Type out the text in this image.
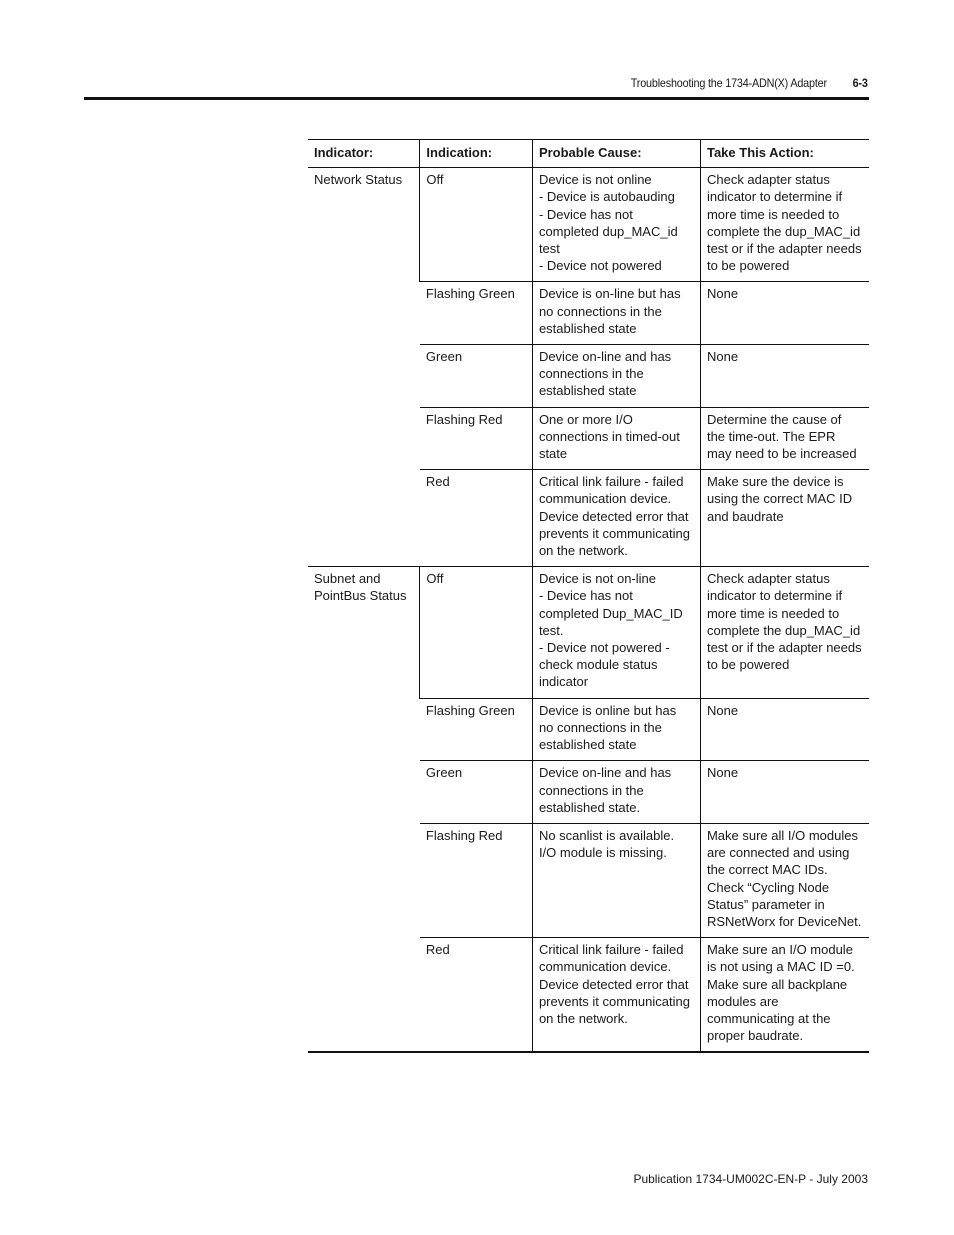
Troubleshooting the 1734-ADN(X) Adapter 6-3
Indicator:	Indication:	Probable Cause:	Take This Action:
Network Status	Off	Device is not online
- Device is autobauding
- Device has not completed dup_MAC_id test
- Device not powered	Check adapter status indicator to determine if more time is needed to complete the dup_MAC_id test or if the adapter needs to be powered
	Flashing Green	Device is on-line but has no connections in the established state	None
	Green	Device on-line and has connections in the established state	None
	Flashing Red	One or more I/O connections in timed-out state	Determine the cause of the time-out. The EPR may need to be increased
	Red	Critical link failure - failed communication device. Device detected error that prevents it communicating on the network.	Make sure the device is using the correct MAC ID and baudrate
Subnet and PointBus Status	Off	Device is not on-line
- Device has not completed Dup_MAC_ID test.
- Device not powered - check module status indicator	Check adapter status indicator to determine if more time is needed to complete the dup_MAC_id test or if the adapter needs to be powered
	Flashing Green	Device is online but has no connections in the established state	None
	Green	Device on-line and has connections in the established state.	None
	Flashing Red	No scanlist is available.
I/O module is missing.	Make sure all I/O modules are connected and using the correct MAC IDs.
Check “Cycling Node Status” parameter in RSNetWorx for DeviceNet.
	Red	Critical link failure - failed communication device. Device detected error that prevents it communicating on the network.	Make sure an I/O module is not using a MAC ID =0.
Make sure all backplane modules are communicating at the proper baudrate.
Publication 1734-UM002C-EN-P - July 2003
